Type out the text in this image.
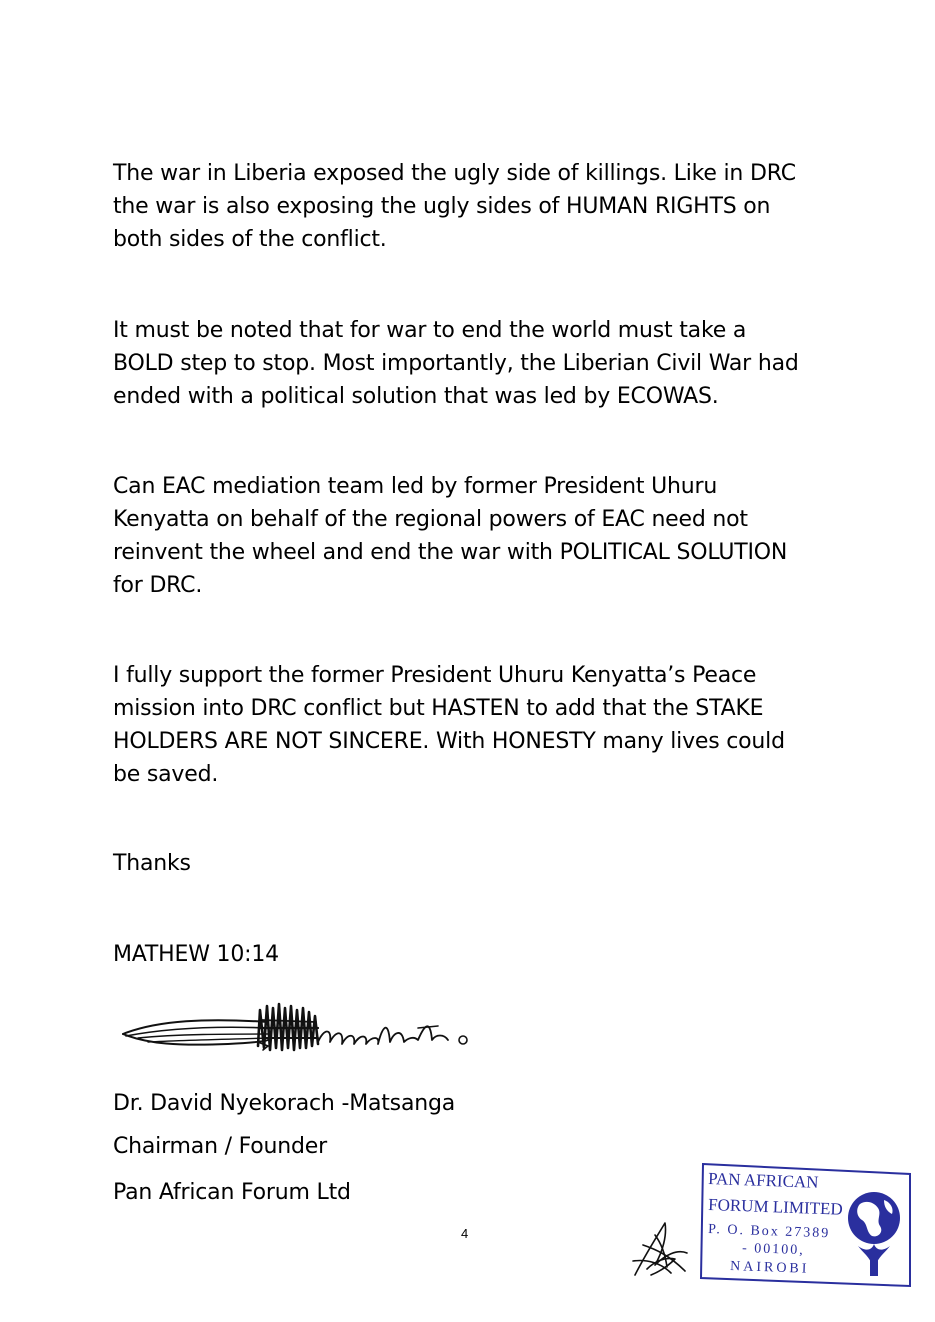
The war in Liberia exposed the ugly side of killings. Like in DRC
the war is also exposing the ugly sides of HUMAN RIGHTS on
both sides of the conflict.
It must be noted that for war to end the world must take a
BOLD step to stop. Most importantly, the Liberian Civil War had
ended with a political solution that was led by ECOWAS.
Can EAC mediation team led by former President Uhuru
Kenyatta on behalf of the regional powers of EAC need not
reinvent the wheel and end the war with POLITICAL SOLUTION
for DRC.
I fully support the former President Uhuru Kenyatta’s Peace
mission into DRC conflict but HASTEN to add that the STAKE
HOLDERS ARE NOT SINCERE. With HONESTY many lives could
be saved.

Thanks

MATHEW 10:14

Dr. David Nyekorach -Matsanga

Chairman / Founder

Pan African Forum Ltd

4
PAN AFRICAN
FORUM LIMITED
P. O. Box 27389
- 00100,
NAIROBI
